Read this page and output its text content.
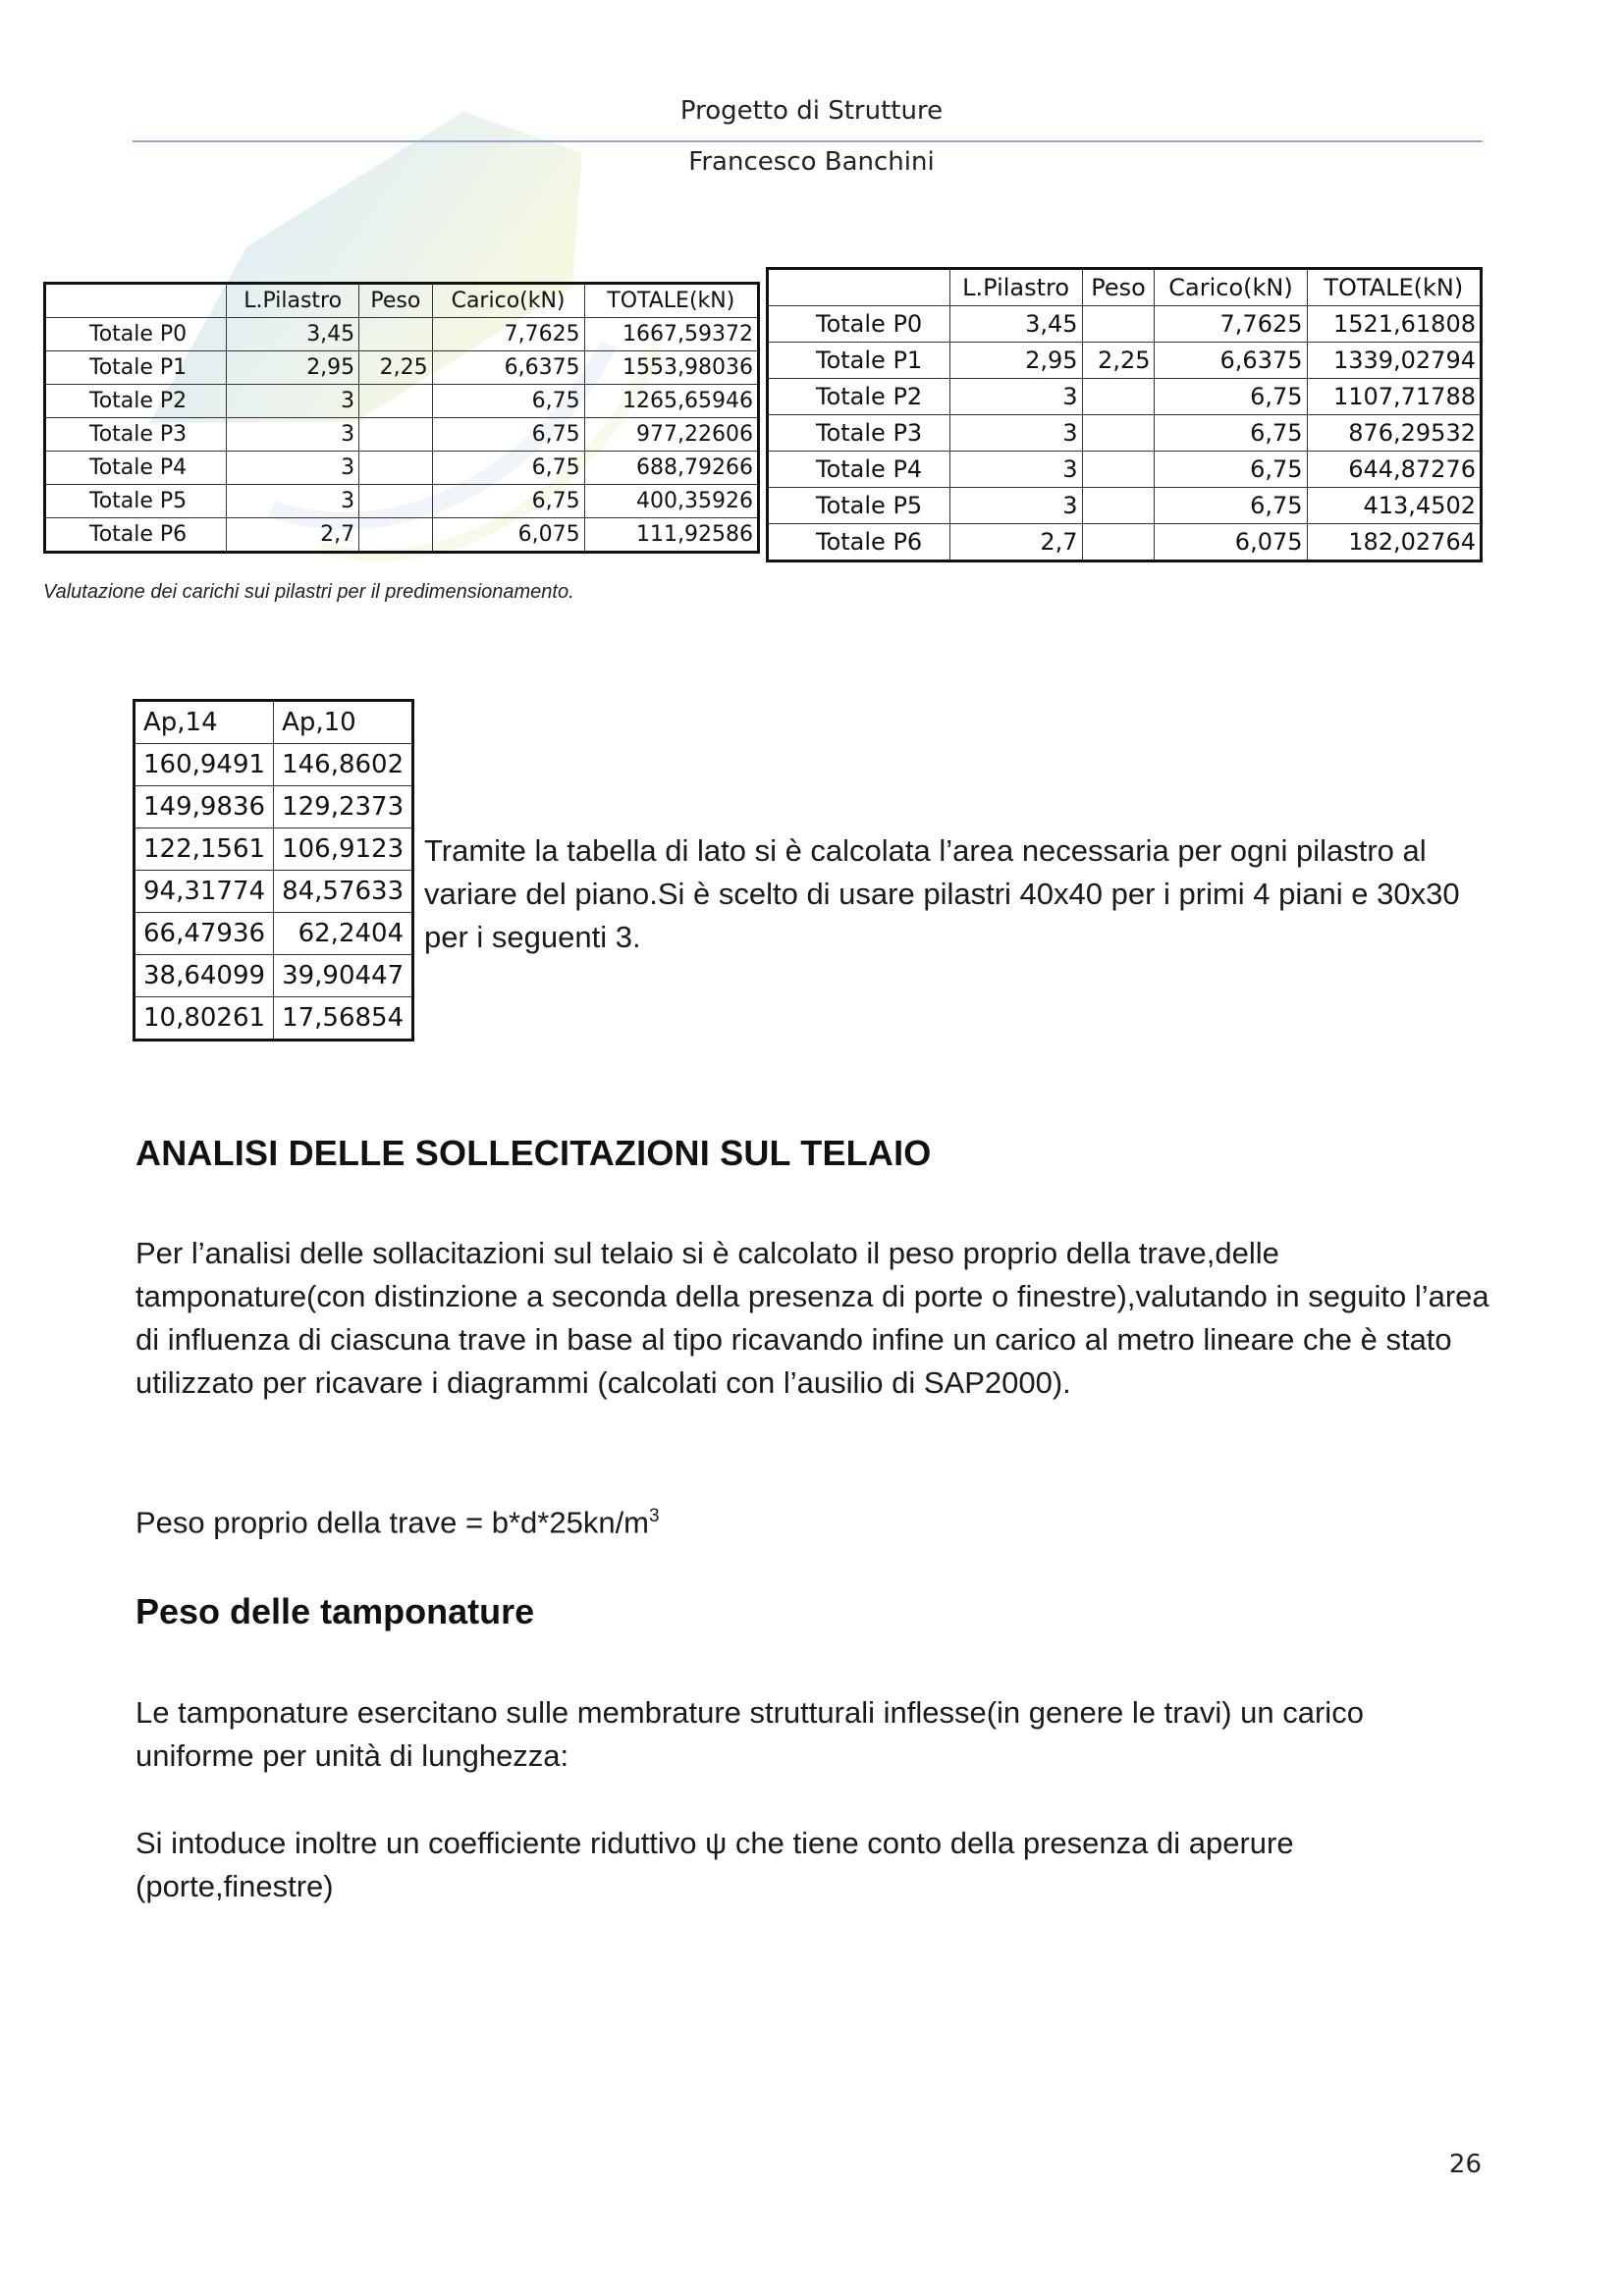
Progetto di Strutture
Francesco Banchini
	L.Pilastro	Peso	Carico(kN)	TOTALE(kN)
Totale P0	3,45		7,7625	1667,59372
Totale P1	2,95	2,25	6,6375	1553,98036
Totale P2	3		6,75	1265,65946
Totale P3	3		6,75	977,22606
Totale P4	3		6,75	688,79266
Totale P5	3		6,75	400,35926
Totale P6	2,7		6,075	111,92586
	L.Pilastro	Peso	Carico(kN)	TOTALE(kN)
Totale P0	3,45		7,7625	1521,61808
Totale P1	2,95	2,25	6,6375	1339,02794
Totale P2	3		6,75	1107,71788
Totale P3	3		6,75	876,29532
Totale P4	3		6,75	644,87276
Totale P5	3		6,75	413,4502
Totale P6	2,7		6,075	182,02764
Valutazione dei carichi sui pilastri per il predimensionamento.
Ap,14	Ap,10
160,9491	146,8602
149,9836	129,2373
122,1561	106,9123
94,31774	84,57633
66,47936	62,2404
38,64099	39,90447
10,80261	17,56854
Tramite la tabella di lato si è calcolata l’area necessaria per ogni pilastro al variare del piano.Si è scelto di usare pilastri 40x40 per i primi 4 piani e 30x30 per i seguenti 3.
ANALISI DELLE SOLLECITAZIONI SUL TELAIO
Per l’analisi delle sollacitazioni sul telaio si è calcolato il peso proprio della trave,delle tamponature(con distinzione a seconda della presenza di porte o finestre),valutando in seguito l’area di influenza di ciascuna trave in base al tipo ricavando infine un carico al metro lineare che è stato utilizzato per ricavare i diagrammi (calcolati con l’ausilio di SAP2000).
Peso proprio della trave = $b*d*25kn/m^3$
Peso delle tamponature
Le tamponature esercitano sulle membrature strutturali inflesse(in genere le travi) un carico uniforme per unità di lunghezza:
Si intoduce inoltre un coefficiente riduttivo ψ che tiene conto della presenza di aperure (porte,finestre)
26
